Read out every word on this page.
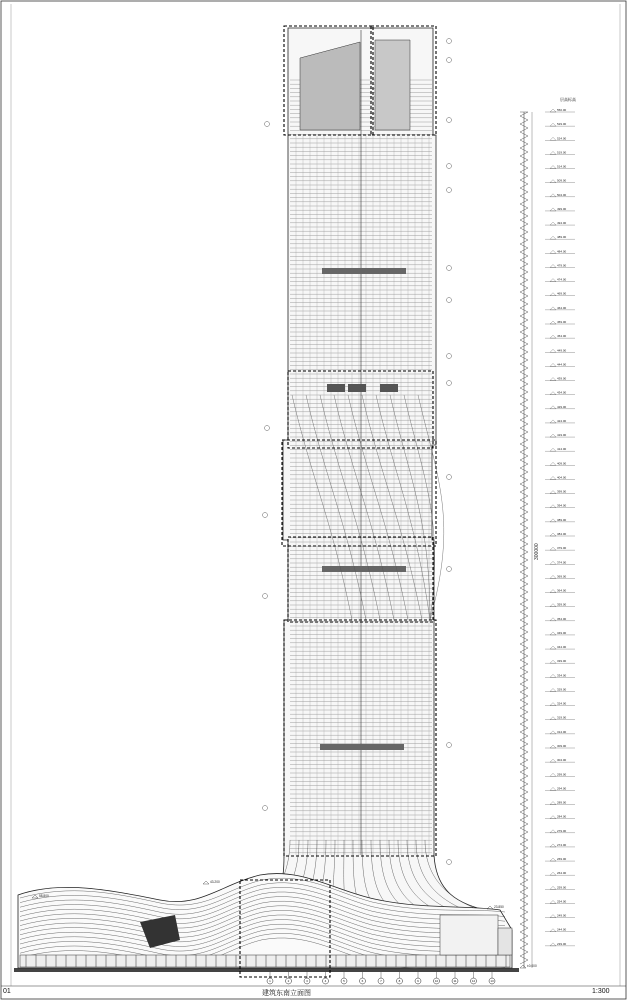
550.00
529.00
524.00
519.00
514.00
509.00
504.00
499.00
494.00
489.00
484.00
479.00
474.00
469.00
464.00
459.00
454.00
449.00
444.00
439.00
434.00
429.00
424.00
419.00
414.00
409.00
404.00
399.00
394.00
389.00
384.00
379.00
374.00
369.00
364.00
359.00
354.00
349.00
344.00
339.00
334.00
329.00
324.00
319.00
314.00
309.00
304.00
299.00
294.00
289.00
284.00
279.00
274.00
269.00
264.00
259.00
254.00
249.00
244.00
239.00
300000
1	2	3	4	5	6	7	8	9	10	11	12	13
58.800
43.200
23.850
±0.000
01	建筑东南立面图	1:300
层高标高
